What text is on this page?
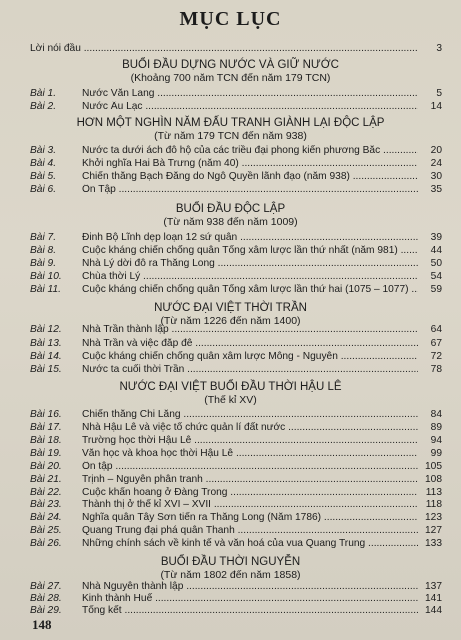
MỤC LỤC
Lời nói đầu .....	3
BUỔI ĐẦU DỰNG NƯỚC VÀ GIỮ NƯỚC
(Khoảng 700 năm TCN đến năm 179 TCN)
Bài 1.	Nước Văn Lang .....	5
Bài 2.	Nước Âu Lạc .....	14
HƠN MỘT NGHÌN NĂM ĐẤU TRANH GIÀNH LẠI ĐỘC LẬP
(Từ năm 179 TCN đến năm 938)
Bài 3.	Nước ta dưới ách đô hộ của các triều đại phong kiến phương Bắc .....	20
Bài 4.	Khởi nghĩa Hai Bà Trưng (năm 40) .....	24
Bài 5.	Chiến thắng Bạch Đằng do Ngô Quyền lãnh đạo (năm 938) .....	30
Bài 6.	Ôn Tập .....	35
BUỔI ĐẦU ĐỘC LẬP
(Từ năm 938 đến năm 1009)
Bài 7.	Đinh Bộ Lĩnh dẹp loạn 12 sứ quân .....	39
Bài 8.	Cuộc kháng chiến chống quân Tống xâm lược lần thứ nhất (năm 981) .....	44
Bài 9.	Nhà Lý dời đô ra Thăng Long .....	50
Bài 10. Chùa thời Lý .....	54
Bài 11. Cuộc kháng chiến chống quân Tống xâm lược lần thứ hai (1075 – 1077) .....	59
NƯỚC ĐẠI VIỆT THỜI TRẦN
(Từ năm 1226 đến năm 1400)
Bài 12. Nhà Trần thành lập .....	64
Bài 13. Nhà Trần và việc đắp đê .....	67
Bài 14. Cuộc kháng chiến chống quân xâm lược Mông - Nguyên .....	72
Bài 15. Nước ta cuối thời Trần .....	78
NƯỚC ĐẠI VIỆT BUỔI ĐẦU THỜI HẬU LÊ
(Thế kỉ XV)
Bài 16. Chiến thắng Chi Lăng .....	84
Bài 17. Nhà Hậu Lê và việc tổ chức quản lí đất nước .....	89
Bài 18. Trường học thời Hậu Lê .....	94
Bài 19. Văn học và khoa học thời Hậu Lê .....	99
Bài 20. Ôn tập .....	105
Bài 21. Trịnh – Nguyễn phân tranh .....	108
Bài 22. Cuộc khẩn hoang ở Đàng Trong .....	113
Bài 23. Thành thị ở thế kỉ XVI – XVII .....	118
Bài 24. Nghĩa quân Tây Sơn tiến ra Thăng Long (Năm 1786) .....	123
Bài 25. Quang Trung đại phá quân Thanh .....	127
Bài 26. Những chính sách về kinh tế và văn hoá của vua Quang Trung .....	133
BUỔI ĐẦU THỜI NGUYỄN
(Từ năm 1802 đến năm 1858)
Bài 27. Nhà Nguyễn thành lập .....	137
Bài 28. Kinh thành Huế .....	141
Bài 29. Tổng kết .....	144
148
